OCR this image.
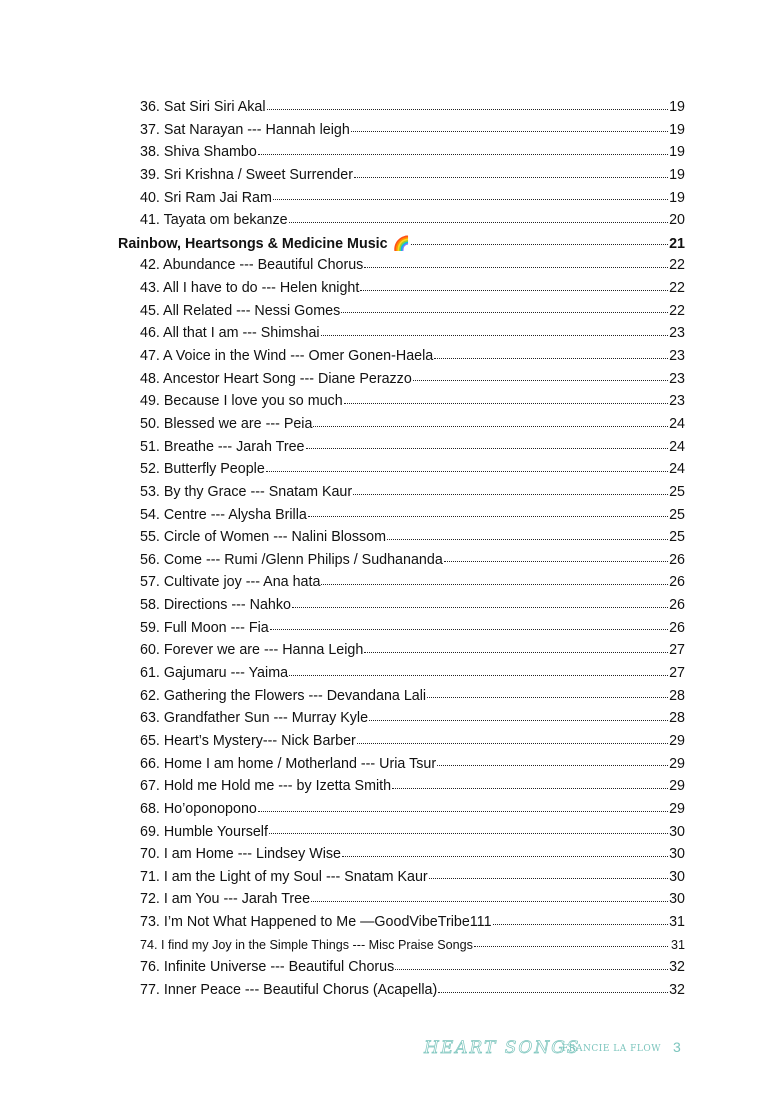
36. Sat Siri Siri Akal	19
37. Sat Narayan --- Hannah leigh	19
38. Shiva Shambo	19
39. Sri Krishna / Sweet Surrender	19
40. Sri Ram Jai Ram	19
41. Tayata om bekanze	20
Rainbow, Heartsongs & Medicine Music 🌈	21
42. Abundance --- Beautiful Chorus	22
43. All I have to do --- Helen knight	22
45. All Related --- Nessi Gomes	22
46. All that I am --- Shimshai	23
47. A Voice in the Wind --- Omer Gonen-Haela	23
48. Ancestor Heart Song --- Diane Perazzo	23
49. Because I love you so much	23
50. Blessed we are --- Peia	24
51. Breathe --- Jarah Tree	24
52. Butterfly People	24
53. By thy Grace --- Snatam Kaur	25
54. Centre --- Alysha Brilla	25
55. Circle of Women --- Nalini Blossom	25
56. Come --- Rumi /Glenn Philips / Sudhananda	26
57. Cultivate joy --- Ana hata	26
58. Directions --- Nahko	26
59. Full Moon --- Fia	26
60. Forever we are --- Hanna Leigh	27
61. Gajumaru --- Yaima	27
62. Gathering the Flowers --- Devandana Lali	28
63. Grandfather Sun --- Murray Kyle	28
65. Heart’s Mystery--- Nick Barber	29
66. Home I am home / Motherland --- Uria Tsur	29
67. Hold me Hold me --- by Izetta Smith	29
68. Ho’oponopono	29
69. Humble Yourself	30
70. I am Home --- Lindsey Wise	30
71. I am the Light of my Soul --- Snatam Kaur	30
72. I am You --- Jarah Tree	30
73. I’m Not What Happened to Me —GoodVibeTribe111	31
74. I find my Joy in the Simple Things --- Misc Praise Songs	31
76. Infinite Universe --- Beautiful Chorus	32
77. Inner Peace --- Beautiful Chorus (Acapella)	32
HEART SONGS
FRANCIE LA FLOW 3
